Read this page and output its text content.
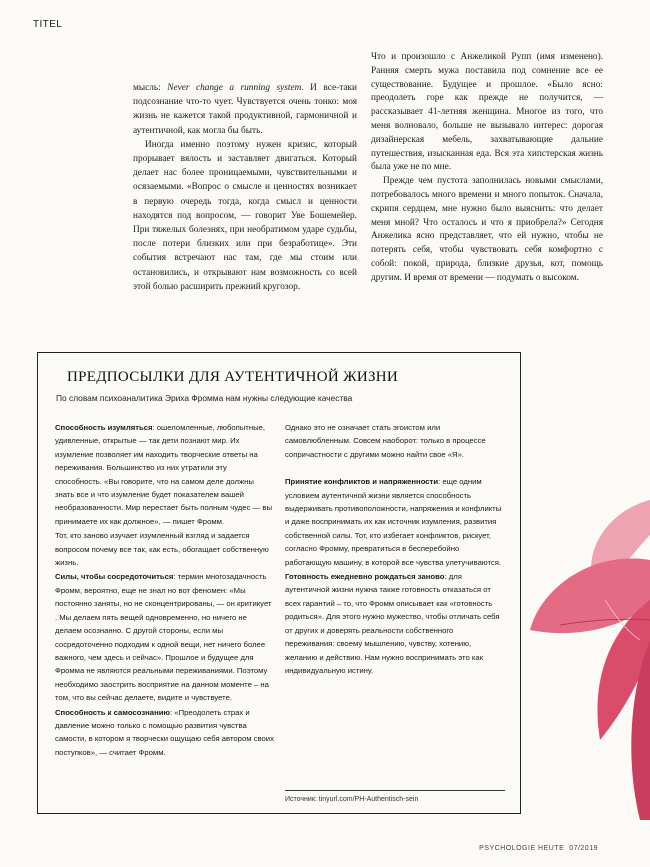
TITEL

мысль: Never change a running system. И все-таки подсознание что-то чует. Чувствуется очень тонко: моя жизнь не кажется такой продуктивной, гармоничной и аутентичной, как могла бы быть.

Иногда именно поэтому нужен кризис, который прорывает вялость и заставляет двигаться. Который делает нас более проницаемыми, чувствительными и осязаемыми. «Вопрос о смысле и ценностях возникает в первую очередь тогда, когда смысл и ценности находятся под вопросом, — говорит Уве Бошемейер. При тяжелых болезнях, при необратимом ударе судьбы, после потери близких или при безработице». Эти события встречают нас там, где мы стоим или остановились, и открывают нам возможность со всей этой болью расширить прежний кругозор.

Что и произошло с Анжеликой Рупп (имя изменено). Ранняя смерть мужа поставила под сомнение все ее существование. Будущее и прошлое. «Было ясно: преодолеть горе как прежде не получится, — рассказывает 41-летняя женщина. Многое из того, что меня волновало, больше не вызывало интерес: дорогая дизайнерская мебель, захватывающие дальние путешествия, изысканная еда. Вся эта хипстерская жизнь была уже не по мне.

Прежде чем пустота заполнилась новыми смыслами, потребовалось много времени и много попыток. Сначала, скрипя сердцем, мне нужно было выяснить: что делает меня мной? Что осталось и что я приобрела?» Сегодня Анжелика ясно представляет, что ей нужно, чтобы не потерять себя, чтобы чувствовать себя комфортно с собой: покой, природа, близкие друзья, кот, помощь другим. И время от времени — подумать о высоком.

ПРЕДПОСЫЛКИ ДЛЯ АУТЕНТИЧНОЙ ЖИЗНИ
По словам психоаналитика Эриха Фромма нам нужны следующие качества

Способность изумляться: ошеломленные, любопытные, удивленные, открытые — так дети познают мир. Их изумление позволяет им находить творческие ответы на переживания. Большинство из них утратили эту способность. «Вы говорите, что на самом деле должны знать все и что изумление будет показателем вашей необразованности. Мир перестает быть полным чудес — вы принимаете их как должное», — пишет Фромм.

Тот, кто заново изучает изумленный взгляд и задается вопросом почему все так, как есть, обогащает собственную жизнь.

Силы, чтобы сосредоточиться: термин многозадачность Фромм, вероятно, еще не знал но вот феномен: «Мы постоянно заняты, но не сконцентрированы, — он критикует . Мы делаем пять вещей одновременно, но ничего не делаем осознанно. С другой стороны, если мы сосредоточенно подходим к одной вещи, нет ничего более важного, чем здесь и сейчас». Прошлое и будущее для Фромма не являются реальными переживаниями. Поэтому необходимо заострить восприятие на данном моменте – на том, что вы сейчас делаете, видите и чувствуете.

Способность к самосознанию: «Преодолеть страх и давление можно только с помощью развития чувства самости, в котором я творчески ощущаю себя автором своих поступков», — считает Фромм.

Однако это не означает стать эгоистом или самовлюбленным. Совсем наоборот: только в процессе сопричастности с другими можно найти свое «Я».

Принятие конфликтов и напряженности: еще одним условием аутентичной жизни является способность выдерживать противоположности, напряжения и конфликты и даже воспринимать их как источник изумления, развития собственной силы. Тот, кто избегает конфликтов, рискует, согласно Фромму, превратиться в бесперебойно работающую машину, в которой все чувства улетучиваются.

Готовность ежедневно рождаться заново: для аутентичной жизни нужна также готовность отказаться от всех гарантий – то, что Фромм описывает как «готовность родиться». Для этого нужно мужество, чтобы отличать себя от других и доверять реальности собственного переживания: своему мышлению, чувству, хотению, желанию и действию. Нам нужно воспринимать это как индивидуальную истину.

Источник: tinyurl.com/PH-Authentisch-sein
PSYCHOLOGIE HEUTE 07/2019
